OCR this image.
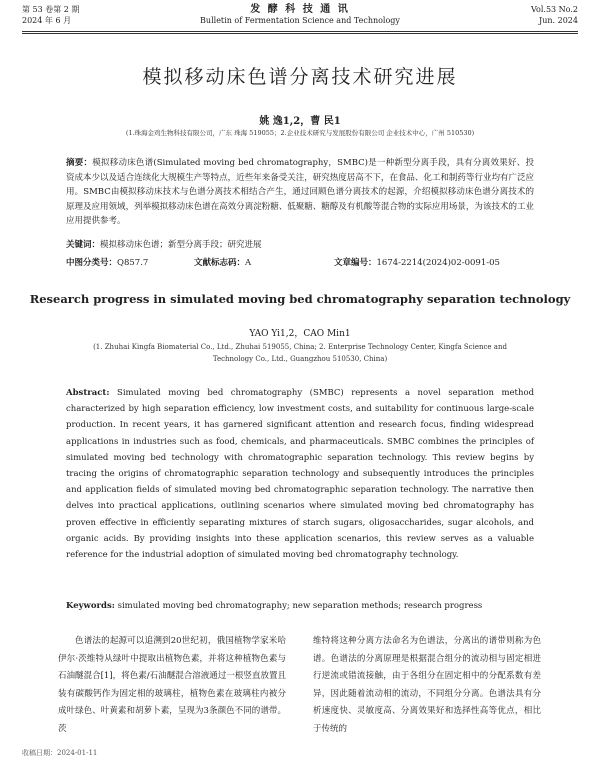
第 53 卷第 2 期
2024 年 6 月
发 酵 科 技 通 讯
Bulletin of Fermentation Science and Technology
Vol.53 No.2
Jun. 2024
模拟移动床色谱分离技术研究进展
姚 逸1,2，曹 民1
(1.珠海金鸡生物科技有限公司，广东 珠海 519055；2.企业技术研究与发展股份有限公司 企业技术中心，广州 510530)
摘要：模拟移动床色谱(Simulated moving bed chromatography，SMBC)是一种新型分离手段，具有分离效果好、投资成本少以及适合连续化大规模生产等特点，近些年来备受关注，研究热度居高不下，在食品、化工和制药等行业均有广泛应用。SMBC由模拟移动床技术与色谱分离技术相结合产生，通过回顾色谱分离技术的起源，介绍模拟移动床色谱分离技术的原理及应用领域，列举模拟移动床色谱在高效分离淀粉糖、低聚糖、糖醇及有机酸等混合物的实际应用场景，为该技术的工业应用提供参考。
关键词：模拟移动床色谱；新型分离手段；研究进展
中图分类号：Q857.7	文献标志码：A	文章编号：1674-2214(2024)02-0091-05
Research progress in simulated moving bed chromatography separation technology
YAO Yi1,2，CAO Min1
(1. Zhuhai Kingfa Biomaterial Co., Ltd., Zhuhai 519055, China; 2. Enterprise Technology Center, Kingfa Science and Technology Co., Ltd., Guangzhou 510530, China)
Abstract: Simulated moving bed chromatography (SMBC) represents a novel separation method characterized by high separation efficiency, low investment costs, and suitability for continuous large-scale production. In recent years, it has garnered significant attention and research focus, finding widespread applications in industries such as food, chemicals, and pharmaceuticals. SMBC combines the principles of simulated moving bed technology with chromatographic separation technology. This review begins by tracing the origins of chromatographic separation technology and subsequently introduces the principles and application fields of simulated moving bed chromatographic separation technology. The narrative then delves into practical applications, outlining scenarios where simulated moving bed chromatography has proven effective in efficiently separating mixtures of starch sugars, oligosaccharides, sugar alcohols, and organic acids. By providing insights into these application scenarios, this review serves as a valuable reference for the industrial adoption of simulated moving bed chromatography technology.
Keywords: simulated moving bed chromatography; new separation methods; research progress
色谱法的起源可以追溯到20世纪初，俄国植物学家米哈伊尔·茨维特从绿叶中提取出植物色素，并将这种植物色素与石油醚混合[1]，将色素/石油醚混合溶液通过一根竖直放置且装有碳酸钙作为固定相的玻璃柱，植物色素在玻璃柱内被分成叶绿色、叶黄素和胡萝卜素，呈现为3条颜色不同的谱带。茨
维特将这种分离方法命名为色谱法，分离出的谱带则称为色谱。色谱法的分离原理是根据混合组分的流动相与固定相进行逆流或错流接触，由于各组分在固定相中的分配系数有差异，因此随着流动相的流动，不同组分分离。色谱法具有分析速度快、灵敏度高、分离效果好和选择性高等优点，相比于传统的
收稿日期：2024-01-11
